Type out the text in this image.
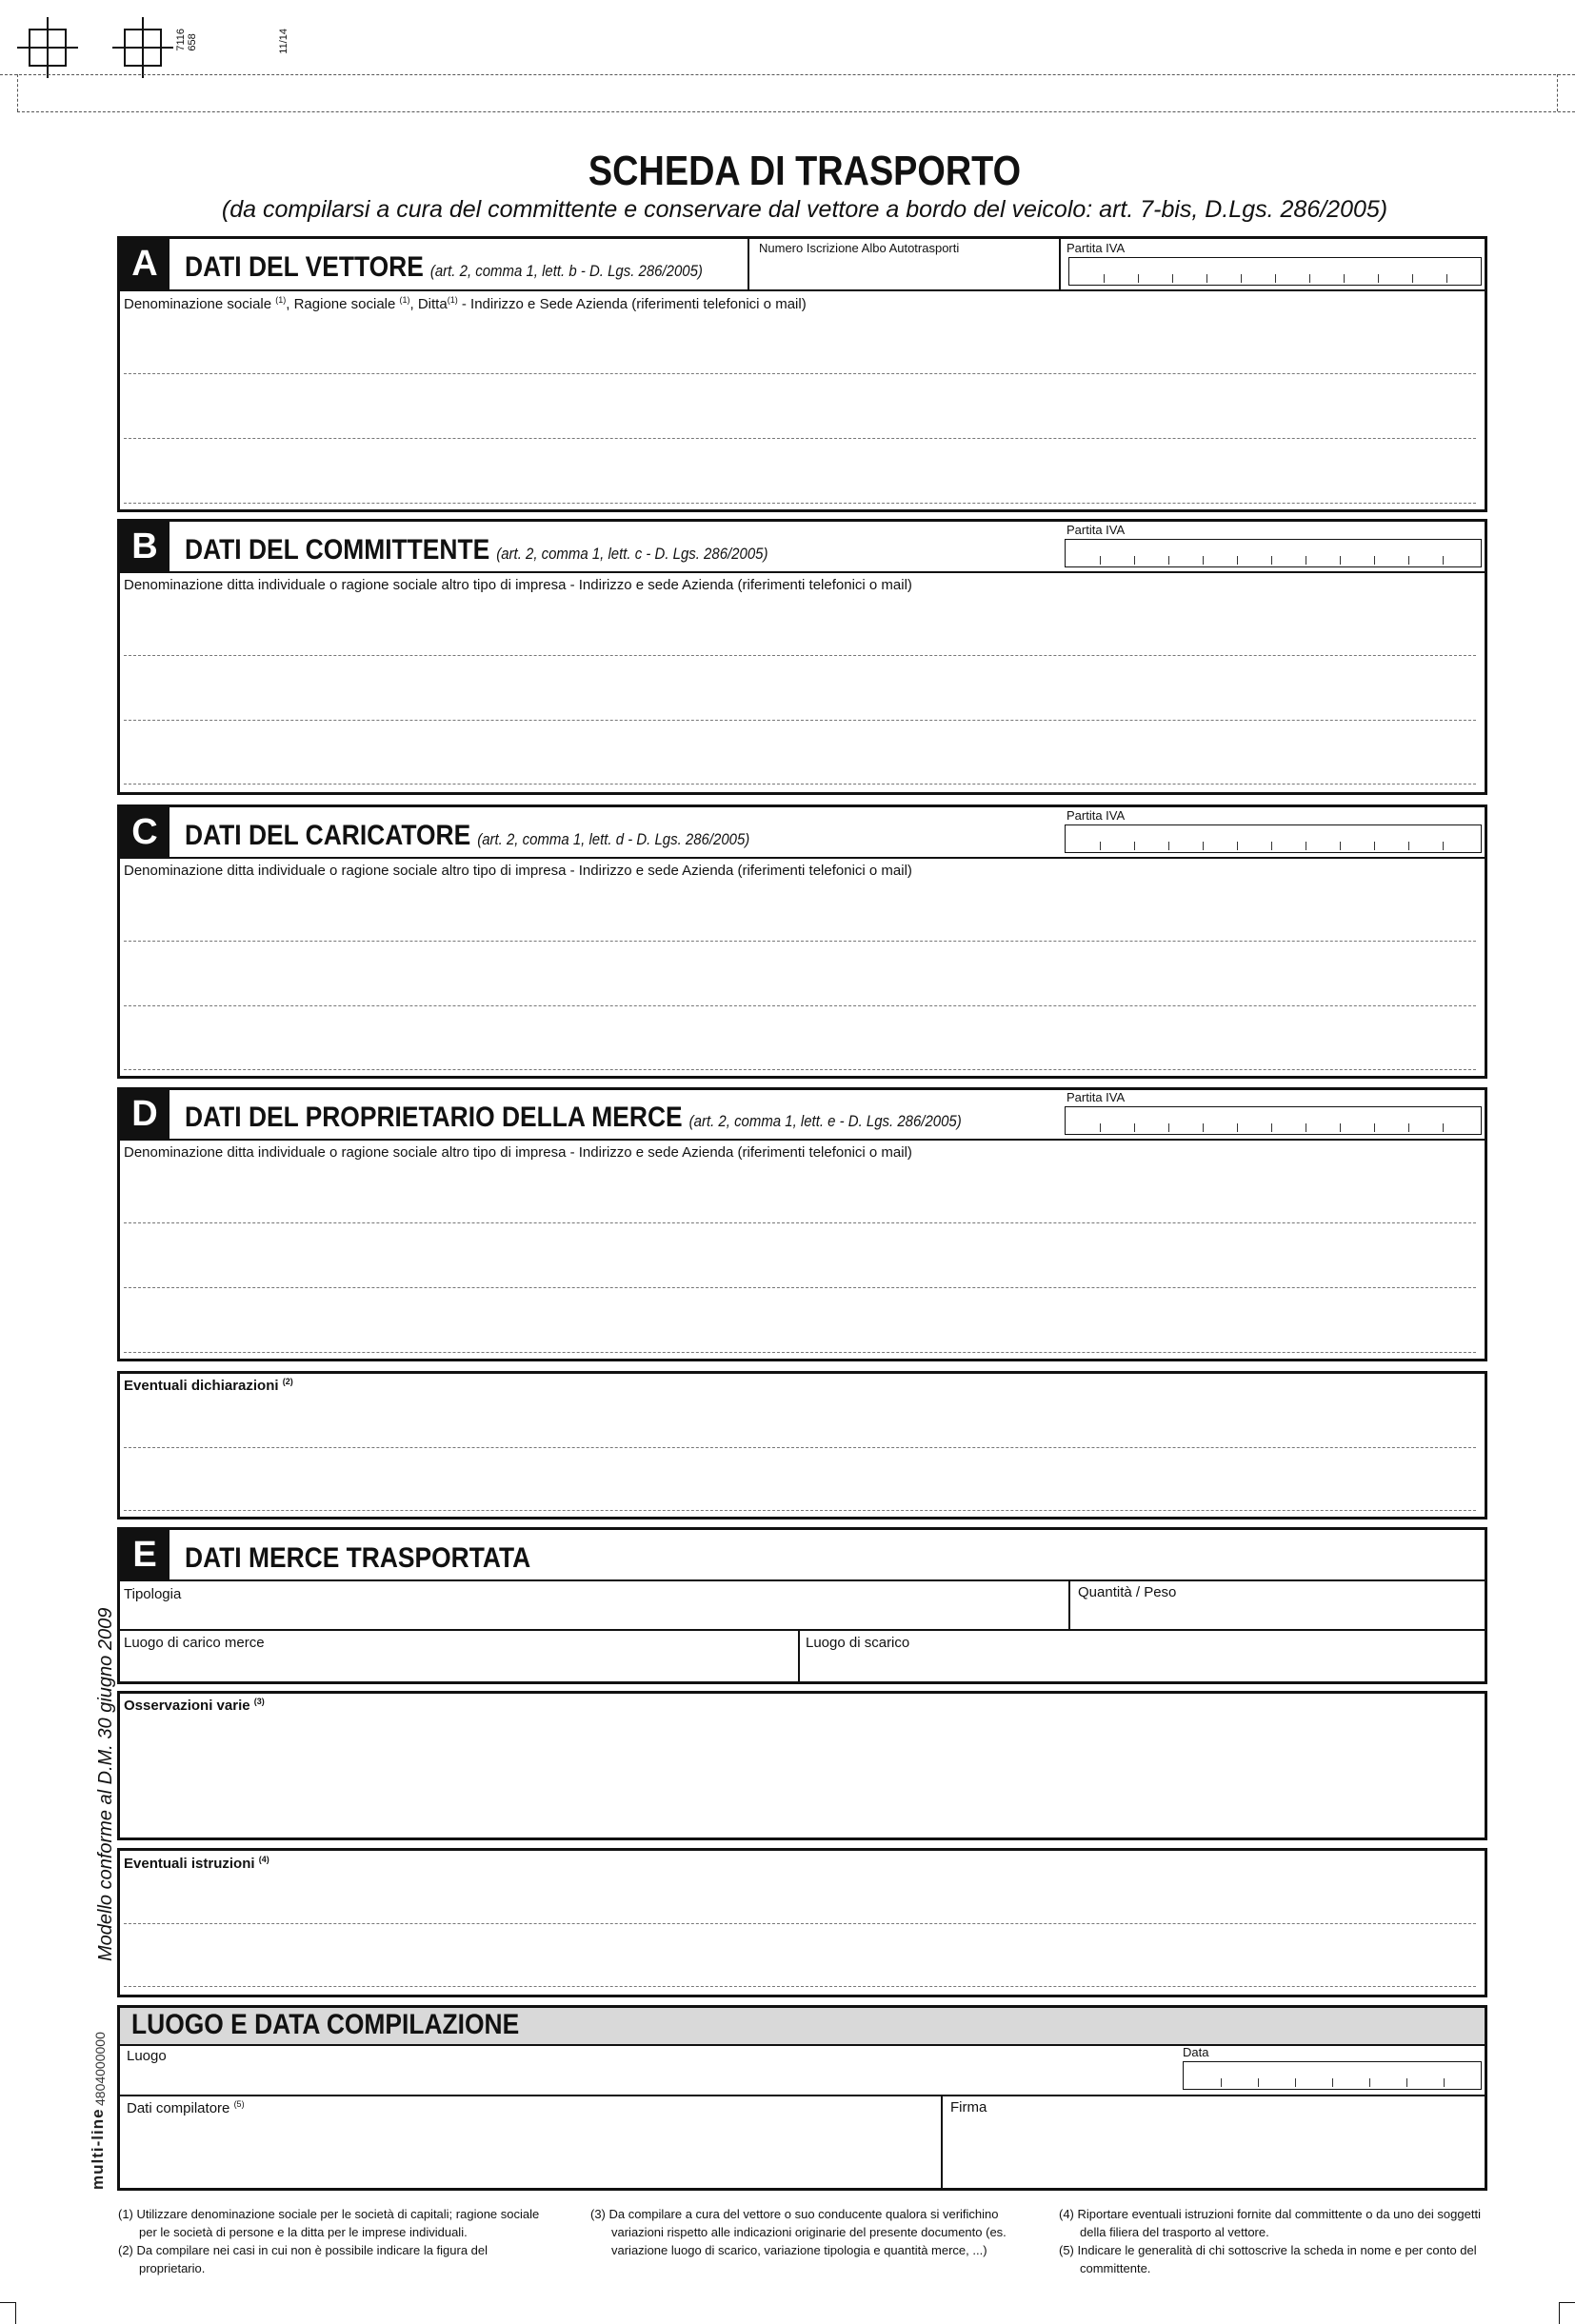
7116
658	11/14
SCHEDA DI TRASPORTO
(da compilarsi a cura del committente e conservare dal vettore a bordo del veicolo: art. 7-bis, D.Lgs. 286/2005)
A DATI DEL VETTORE (art. 2, comma 1, lett. b - D. Lgs. 286/2005)
Numero Iscrizione Albo Autotrasporti	Partita IVA
Denominazione sociale $^{(1)}$, Ragione sociale $^{(1)}$, Ditta$^{(1)}$ - Indirizzo e Sede Azienda (riferimenti telefonici o mail)
B DATI DEL COMMITTENTE (art. 2, comma 1, lett. c - D. Lgs. 286/2005)
Partita IVA
Denominazione ditta individuale o ragione sociale altro tipo di impresa - Indirizzo e sede Azienda (riferimenti telefonici o mail)
C DATI DEL CARICATORE (art. 2, comma 1, lett. d - D. Lgs. 286/2005)
Partita IVA
Denominazione ditta individuale o ragione sociale altro tipo di impresa - Indirizzo e sede Azienda (riferimenti telefonici o mail)
D DATI DEL PROPRIETARIO DELLA MERCE (art. 2, comma 1, lett. e - D. Lgs. 286/2005)
Partita IVA
Denominazione ditta individuale o ragione sociale altro tipo di impresa - Indirizzo e sede Azienda (riferimenti telefonici o mail)
Eventuali dichiarazioni $^{(2)}$
E DATI MERCE TRASPORTATA
Tipologia	Quantità / Peso
Luogo di carico merce	Luogo di scarico
Osservazioni varie $^{(3)}$
Eventuali istruzioni $^{(4)}$
LUOGO E DATA COMPILAZIONE
Luogo	Data
Dati compilatore $^{(5)}$	Firma
Modello conforme al D.M. 30 giugno 2009
4804000000
multi-line
(1) Utilizzare denominazione sociale per le società di capitali; ragione sociale per le società di persone e la ditta per le imprese individuali.
(2) Da compilare nei casi in cui non è possibile indicare la figura del proprietario.
(3) Da compilare a cura del vettore o suo conducente qualora si verifichino variazioni rispetto alle indicazioni originarie del presente documento (es. variazione luogo di scarico, variazione tipologia e quantità merce, ...)
(4) Riportare eventuali istruzioni fornite dal committente o da uno dei soggetti della filiera del trasporto al vettore.
(5) Indicare le generalità di chi sottoscrive la scheda in nome e per conto del committente.
